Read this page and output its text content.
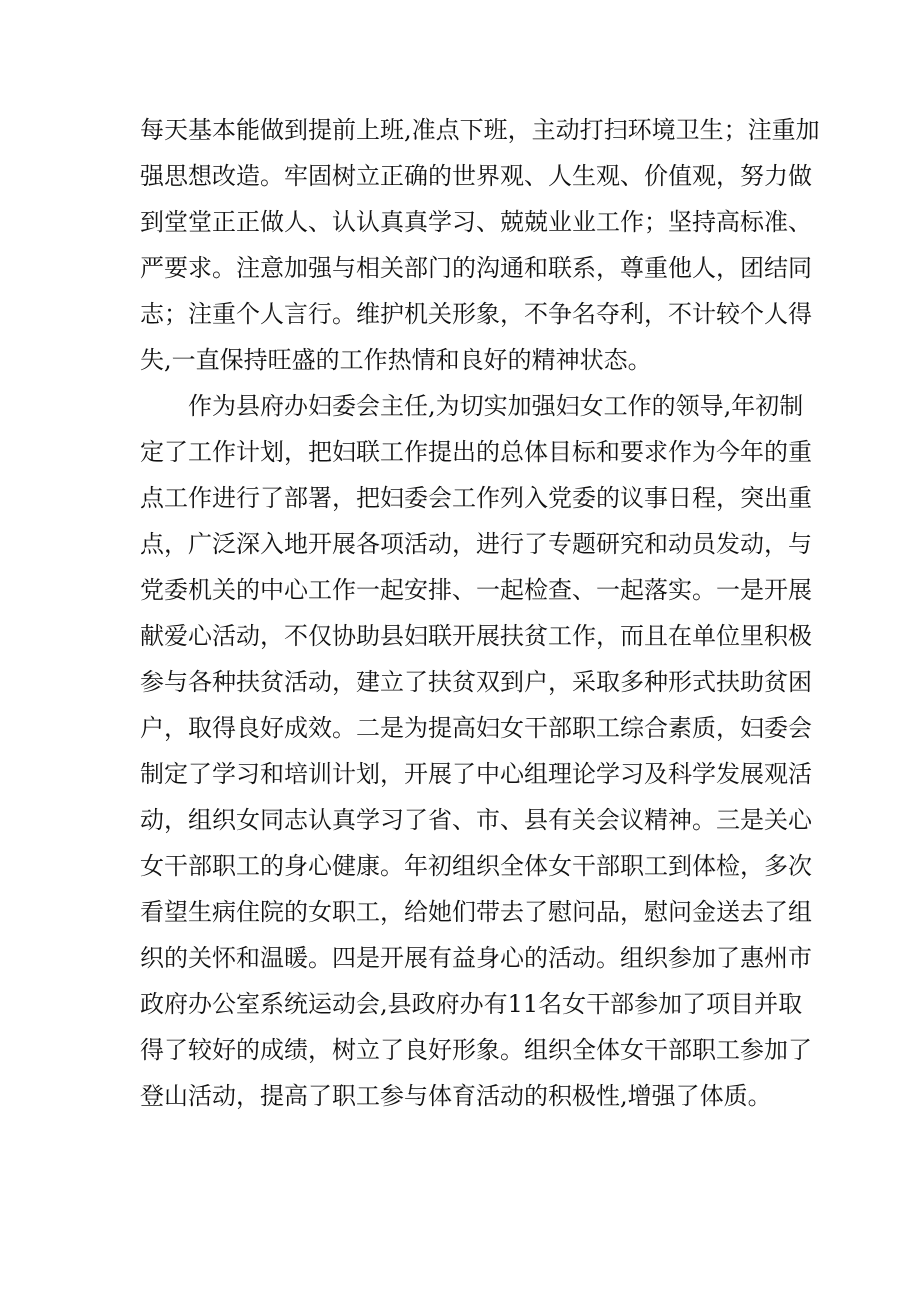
每天基本能做到提前上班,准点下班，主动打扫环境卫生；注重加
强思想改造。牢固树立正确的世界观、人生观、价值观，努力做
到堂堂正正做人、认认真真学习、兢兢业业工作；坚持高标准、
严要求。注意加强与相关部门的沟通和联系，尊重他人，团结同
志；注重个人言行。维护机关形象，不争名夺利，不计较个人得
失,一直保持旺盛的工作热情和良好的精神状态。
作为县府办妇委会主任,为切实加强妇女工作的领导,年初制
定了工作计划，把妇联工作提出的总体目标和要求作为今年的重
点工作进行了部署，把妇委会工作列入党委的议事日程，突出重
点，广泛深入地开展各项活动，进行了专题研究和动员发动，与
党委机关的中心工作一起安排、一起检查、一起落实。一是开展
献爱心活动，不仅协助县妇联开展扶贫工作，而且在单位里积极
参与各种扶贫活动，建立了扶贫双到户，采取多种形式扶助贫困
户，取得良好成效。二是为提高妇女干部职工综合素质，妇委会
制定了学习和培训计划，开展了中心组理论学习及科学发展观活
动，组织女同志认真学习了省、市、县有关会议精神。三是关心
女干部职工的身心健康。年初组织全体女干部职工到体检，多次
看望生病住院的女职工，给她们带去了慰问品，慰问金送去了组
织的关怀和温暖。四是开展有益身心的活动。组织参加了惠州市
政府办公室系统运动会,县政府办有11名女干部参加了项目并取
得了较好的成绩，树立了良好形象。组织全体女干部职工参加了
登山活动，提高了职工参与体育活动的积极性,增强了体质。
